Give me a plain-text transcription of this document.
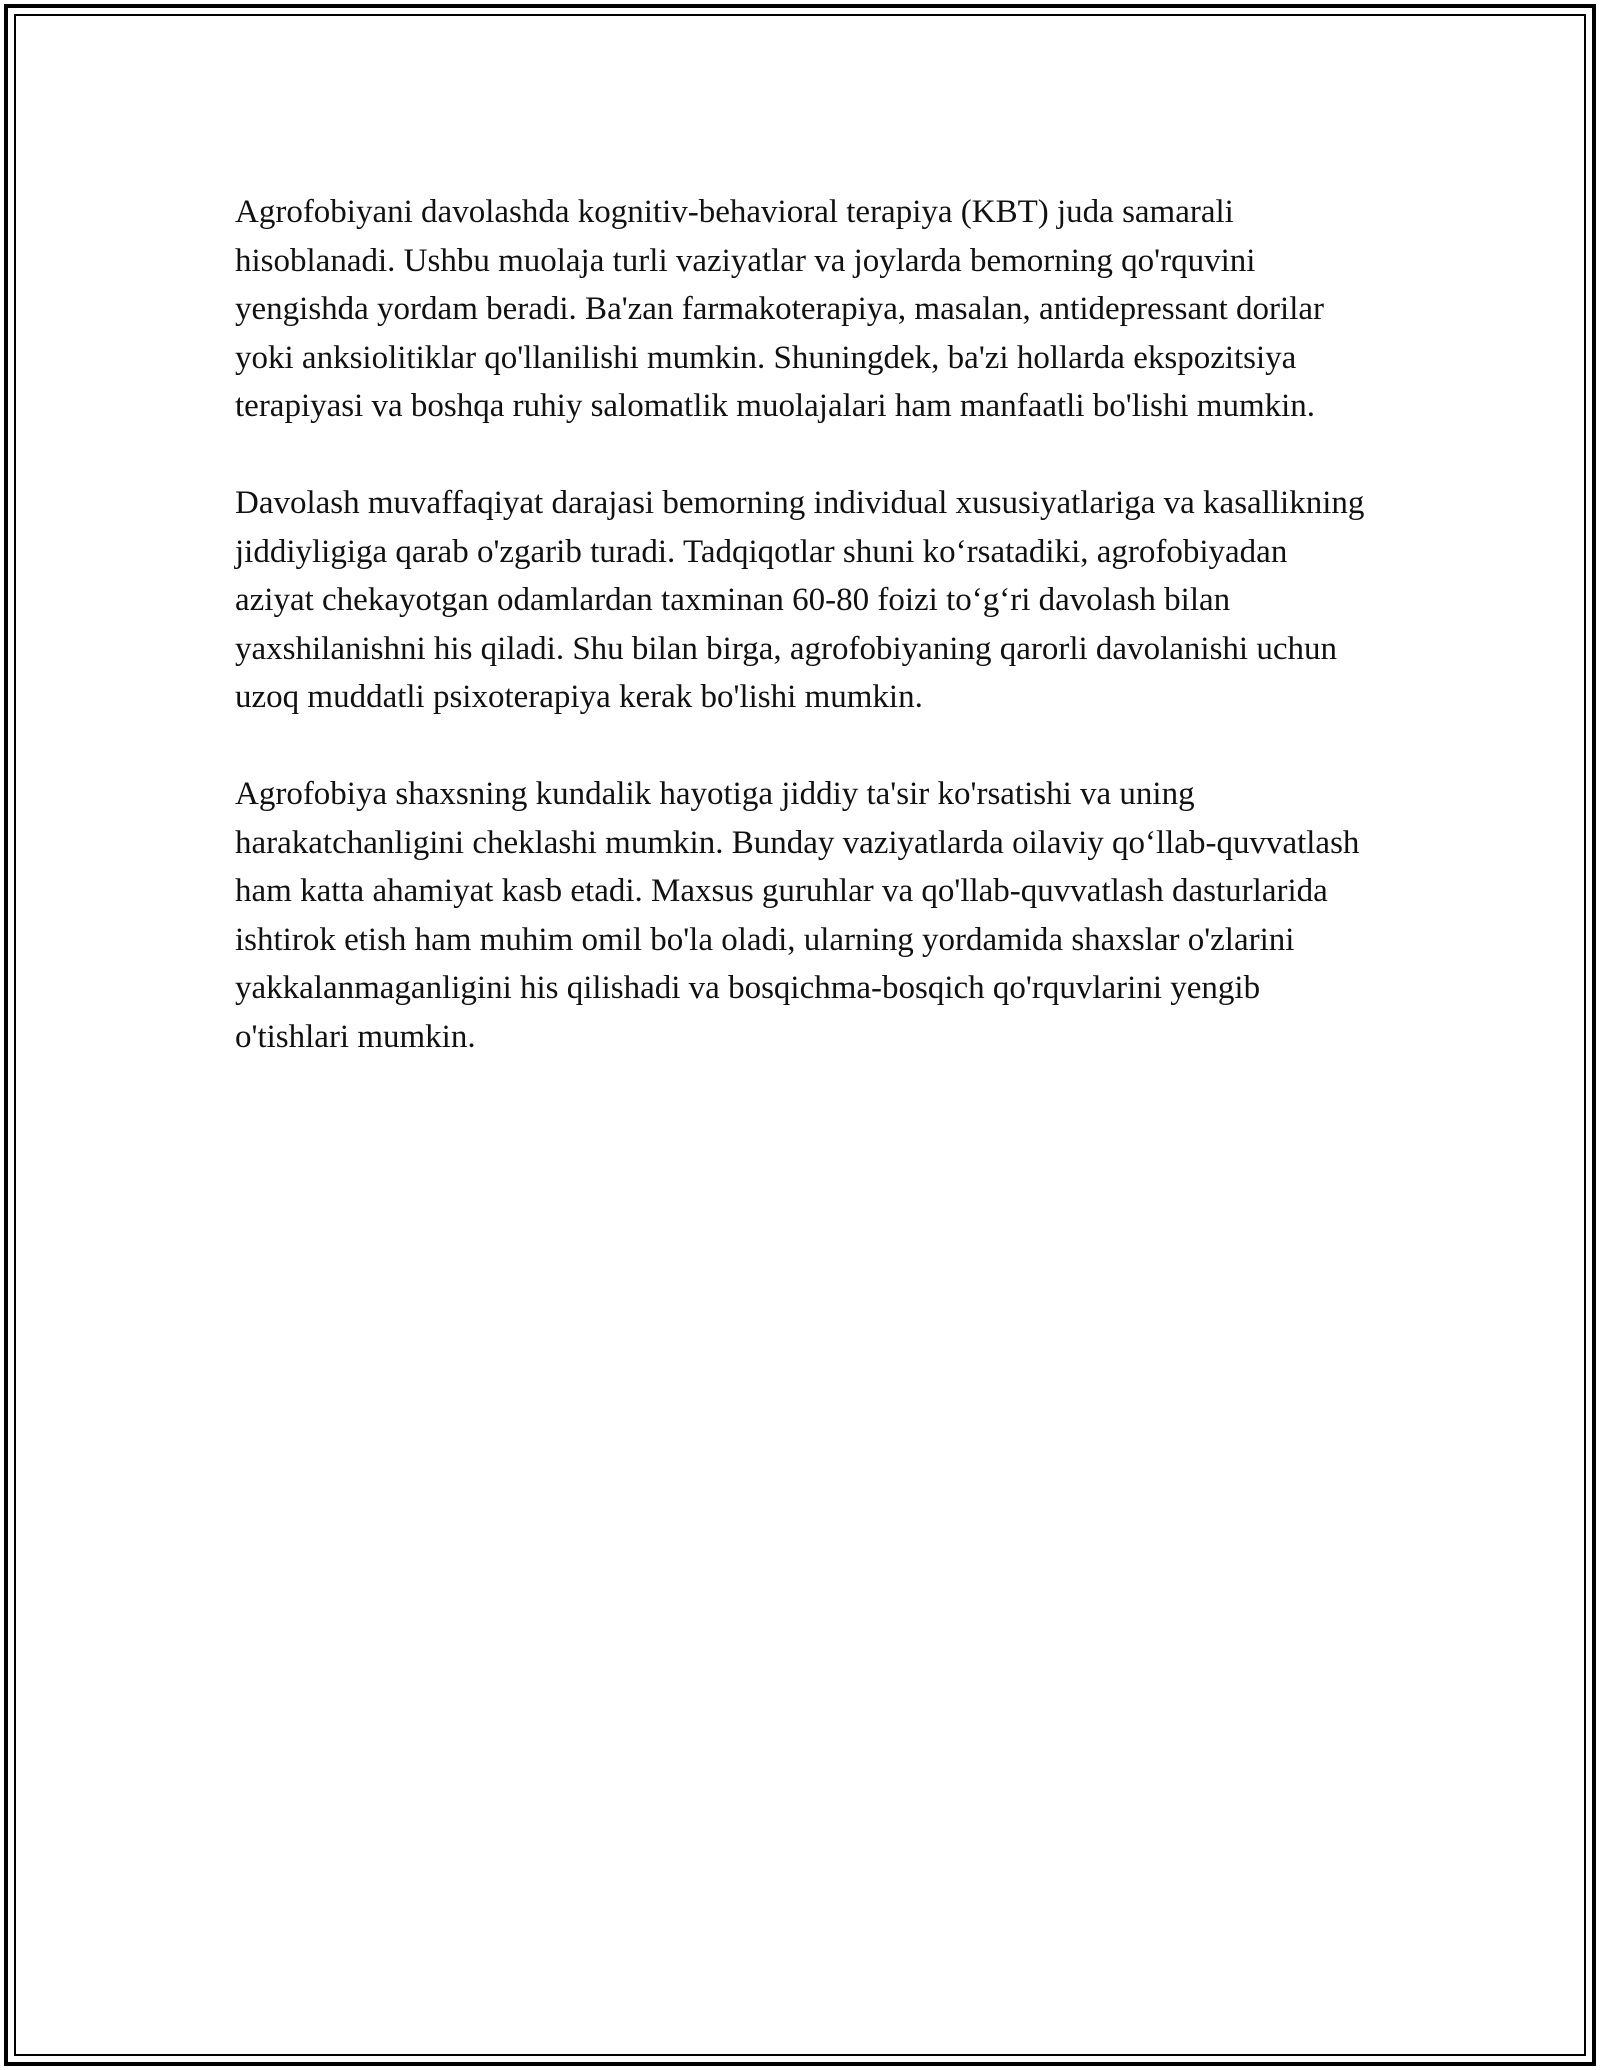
Agrofobiyani davolashda kognitiv-behavioral terapiya (KBT) juda samarali hisoblanadi. Ushbu muolaja turli vaziyatlar va joylarda bemorning qo'rquvini yengishda yordam beradi. Ba'zan farmakoterapiya, masalan, antidepressant dorilar yoki anksiolitiklar qo'llanilishi mumkin. Shuningdek, ba'zi hollarda ekspozitsiya terapiyasi va boshqa ruhiy salomatlik muolajalari ham manfaatli bo'lishi mumkin.

Davolash muvaffaqiyat darajasi bemorning individual xususiyatlariga va kasallikning jiddiyligiga qarab o'zgarib turadi. Tadqiqotlar shuni ko‘rsatadiki, agrofobiyadan aziyat chekayotgan odamlardan taxminan 60-80 foizi to‘g‘ri davolash bilan yaxshilanishni his qiladi. Shu bilan birga, agrofobiyaning qarorli davolanishi uchun uzoq muddatli psixoterapiya kerak bo'lishi mumkin.

Agrofobiya shaxsning kundalik hayotiga jiddiy ta'sir ko'rsatishi va uning harakatchanligini cheklashi mumkin. Bunday vaziyatlarda oilaviy qo‘llab-quvvatlash ham katta ahamiyat kasb etadi. Maxsus guruhlar va qo'llab-quvvatlash dasturlarida ishtirok etish ham muhim omil bo'la oladi, ularning yordamida shaxslar o'zlarini yakkalanmaganligini his qilishadi va bosqichma-bosqich qo'rquvlarini yengib o'tishlari mumkin.
